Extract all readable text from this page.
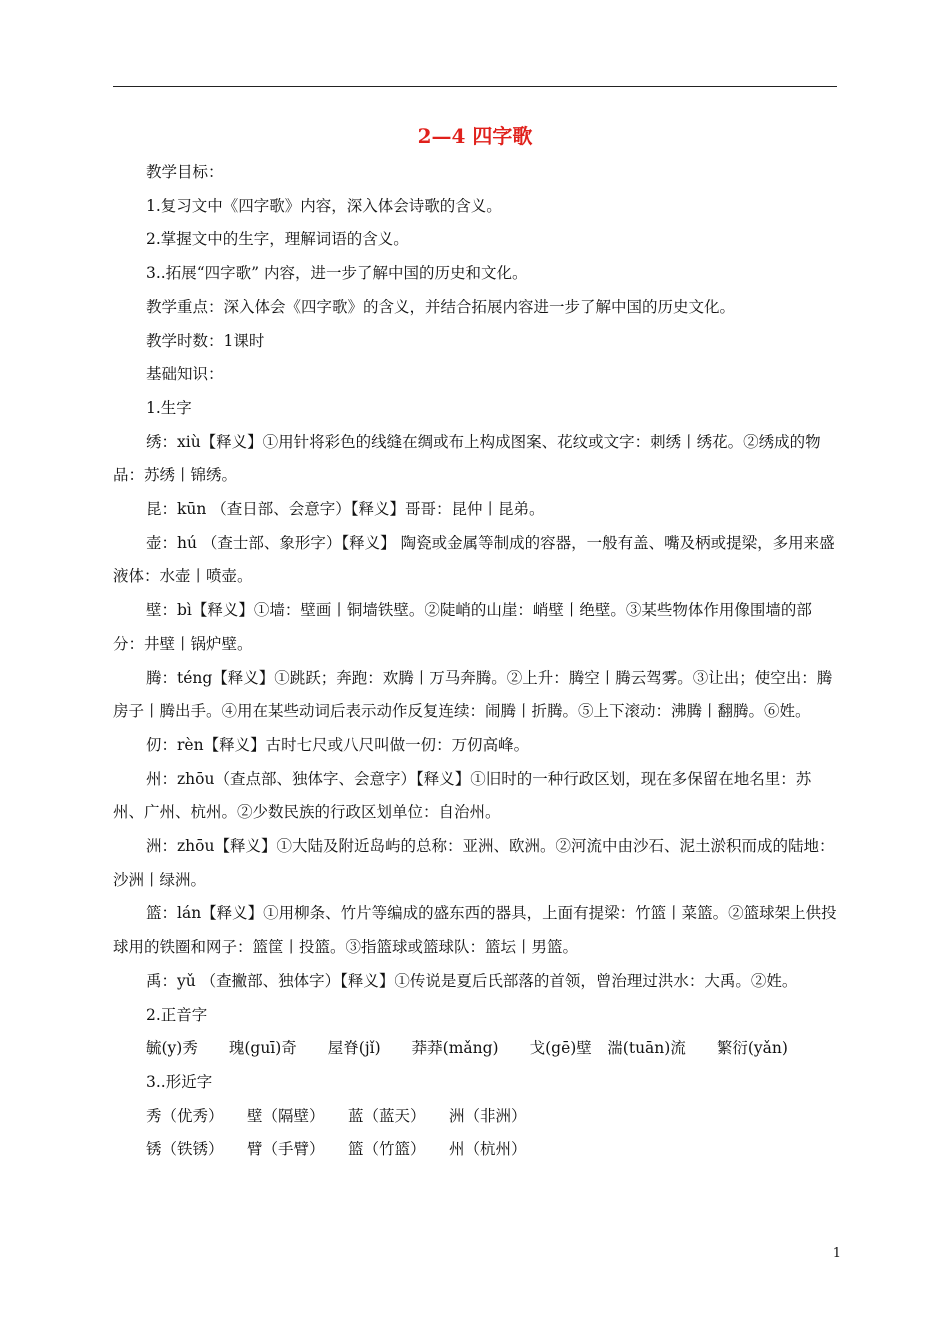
2—4 四字歌

教学目标：

1.复习文中《四字歌》内容，深入体会诗歌的含义。

2.掌握文中的生字，理解词语的含义。

3..拓展“四字歌” 内容，进一步了解中国的历史和文化。

教学重点：深入体会《四字歌》的含义，并结合拓展内容进一步了解中国的历史文化。

教学时数：1课时

基础知识：

1.生字

绣：xiù【释义】①用针将彩色的线缝在绸或布上构成图案、花纹或文字：刺绣丨绣花。②绣成的物品：苏绣丨锦绣。

昆：kūn （查日部、会意字）【释义】哥哥：昆仲丨昆弟。

壶：hú （查士部、象形字）【释义】 陶瓷或金属等制成的容器，一般有盖、嘴及柄或提梁，多用来盛液体：水壶丨喷壶。

壁：bì【释义】①墙：壁画丨铜墙铁壁。②陡峭的山崖：峭壁丨绝壁。③某些物体作用像围墙的部分：井壁丨锅炉壁。

腾：téng【释义】①跳跃；奔跑：欢腾丨万马奔腾。②上升：腾空丨腾云驾雾。③让出；使空出：腾房子丨腾出手。④用在某些动词后表示动作反复连续：闹腾丨折腾。⑤上下滚动：沸腾丨翻腾。⑥姓。

仞：rèn【释义】古时七尺或八尺叫做一仞：万仞高峰。

州：zhōu（查点部、独体字、会意字）【释义】①旧时的一种行政区划，现在多保留在地名里：苏州、广州、杭州。②少数民族的行政区划单位：自治州。

洲：zhōu【释义】①大陆及附近岛屿的总称：亚洲、欧洲。②河流中由沙石、泥土淤积而成的陆地：沙洲丨绿洲。

篮：lán【释义】①用柳条、竹片等编成的盛东西的器具，上面有提梁：竹篮丨菜篮。②篮球架上供投球用的铁圈和网子：篮筐丨投篮。③指篮球或篮球队：篮坛丨男篮。

禹：yǔ （查撇部、独体字）【释义】①传说是夏后氏部落的首领，曾治理过洪水：大禹。②姓。

2.正音字

毓(y)秀　　瑰(guī)奇　　屋脊(jǐ)　　莽莽(mǎng)　　戈(gē)壁　湍(tuān)流　　繁衍(yǎn)

3..形近字

秀（优秀）	壁（隔壁）	蓝（蓝天）	洲（非洲）
锈（铁锈）	臂（手臂）	篮（竹篮）	州（杭州）
1
